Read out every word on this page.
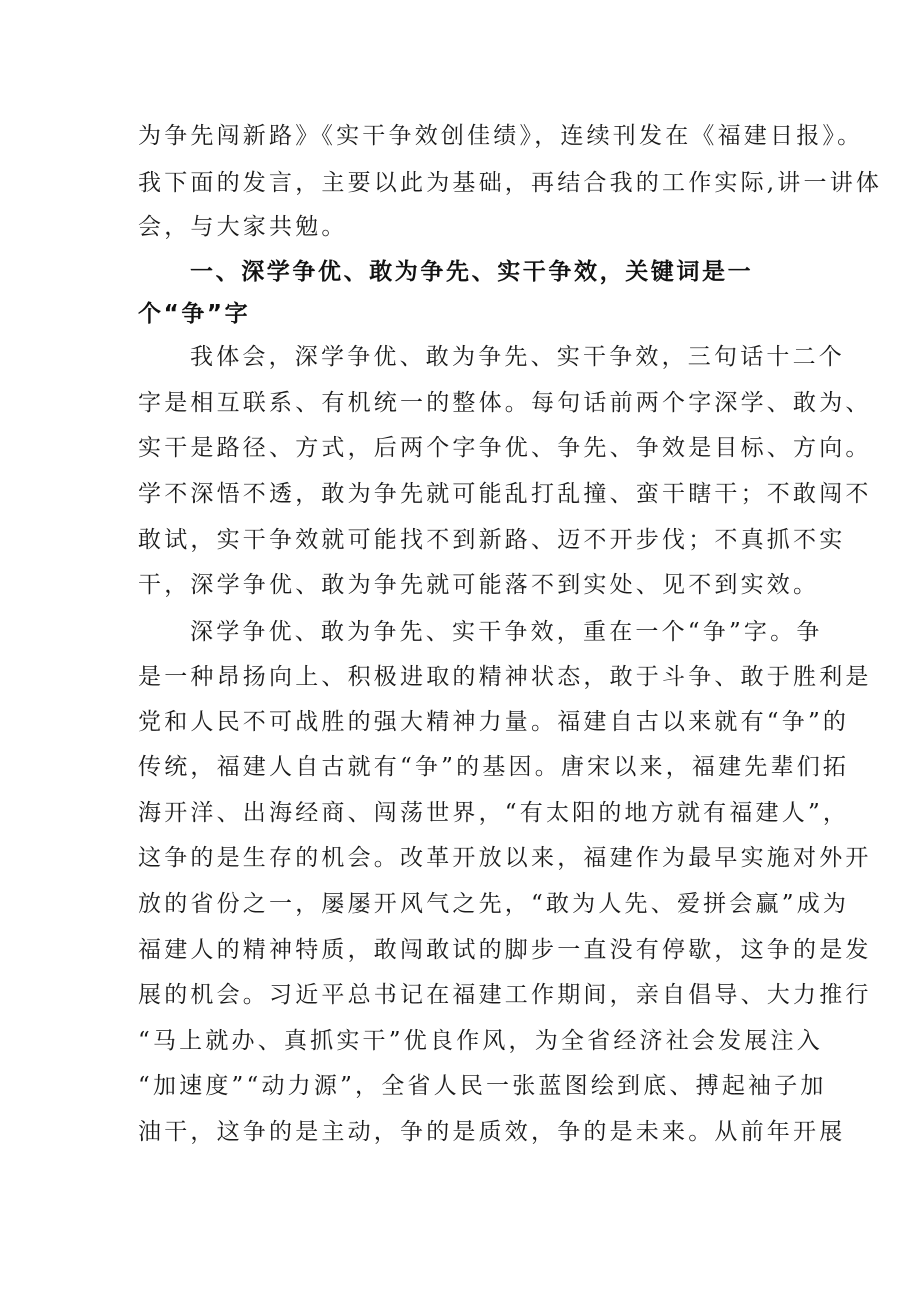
为争先闯新路》《实干争效创佳绩》，连续刊发在《福建日报》。
我下面的发言，主要以此为基础，再结合我的工作实际,讲一讲体
会，与大家共勉。
一、深学争优、敢为争先、实干争效，关键词是一
个“争”字
我体会，深学争优、敢为争先、实干争效，三句话十二个
字是相互联系、有机统一的整体。每句话前两个字深学、敢为、
实干是路径、方式，后两个字争优、争先、争效是目标、方向。
学不深悟不透，敢为争先就可能乱打乱撞、蛮干瞎干；不敢闯不
敢试，实干争效就可能找不到新路、迈不开步伐；不真抓不实
干，深学争优、敢为争先就可能落不到实处、见不到实效。
深学争优、敢为争先、实干争效，重在一个“争”字。争
是一种昂扬向上、积极进取的精神状态，敢于斗争、敢于胜利是
党和人民不可战胜的强大精神力量。福建自古以来就有“争”的
传统，福建人自古就有“争”的基因。唐宋以来，福建先辈们拓
海开洋、出海经商、闯荡世界，“有太阳的地方就有福建人”，
这争的是生存的机会。改革开放以来，福建作为最早实施对外开
放的省份之一，屡屡开风气之先，“敢为人先、爱拼会赢”成为
福建人的精神特质，敢闯敢试的脚步一直没有停歇，这争的是发
展的机会。习近平总书记在福建工作期间，亲自倡导、大力推行
“马上就办、真抓实干”优良作风，为全省经济社会发展注入
“加速度”“动力源”，全省人民一张蓝图绘到底、搏起袖子加
油干，这争的是主动，争的是质效，争的是未来。从前年开展
